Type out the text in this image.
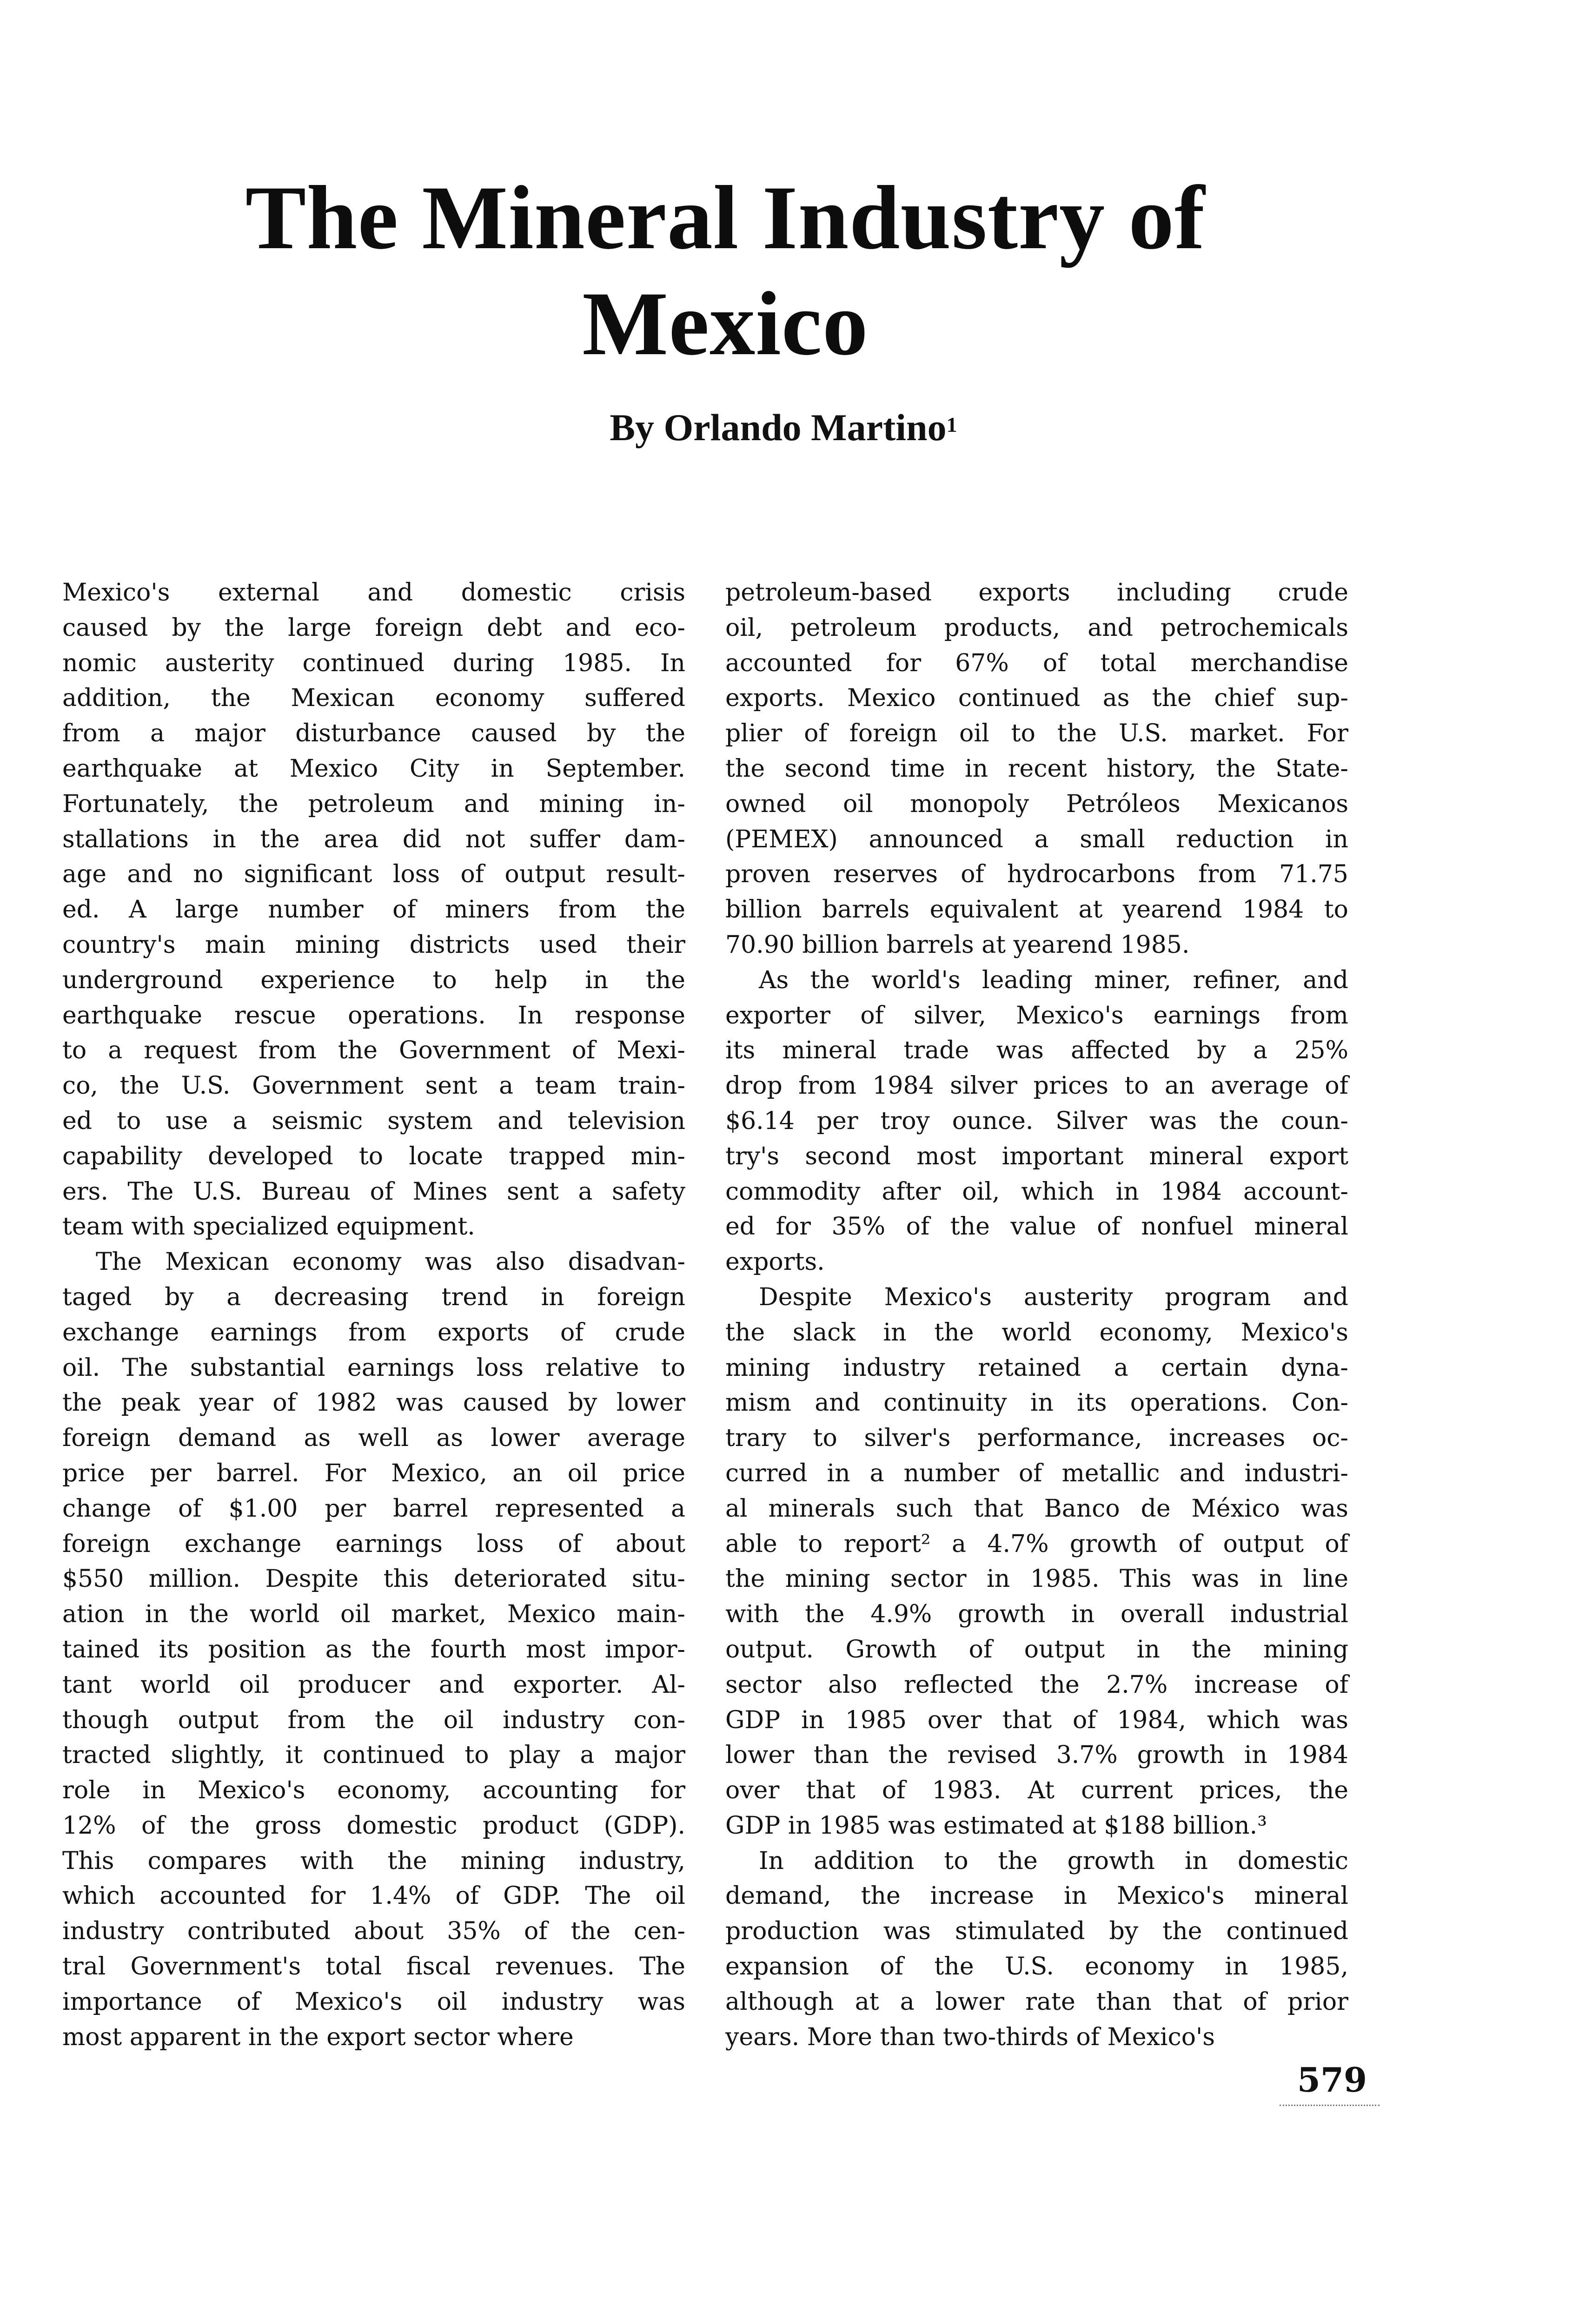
The Mineral Industry of
Mexico
By Orlando Martino$^1$
Mexico's external and domestic crisis
caused by the large foreign debt and eco-
nomic austerity continued during 1985. In
addition, the Mexican economy suffered
from a major disturbance caused by the
earthquake at Mexico City in September.
Fortunately, the petroleum and mining in-
stallations in the area did not suffer dam-
age and no significant loss of output result-
ed. A large number of miners from the
country's main mining districts used their
underground experience to help in the
earthquake rescue operations. In response
to a request from the Government of Mexi-
co, the U.S. Government sent a team train-
ed to use a seismic system and television
capability developed to locate trapped min-
ers. The U.S. Bureau of Mines sent a safety
team with specialized equipment.
The Mexican economy was also disadvan-
taged by a decreasing trend in foreign
exchange earnings from exports of crude
oil. The substantial earnings loss relative to
the peak year of 1982 was caused by lower
foreign demand as well as lower average
price per barrel. For Mexico, an oil price
change of $1.00 per barrel represented a
foreign exchange earnings loss of about
$550 million. Despite this deteriorated situ-
ation in the world oil market, Mexico main-
tained its position as the fourth most impor-
tant world oil producer and exporter. Al-
though output from the oil industry con-
tracted slightly, it continued to play a major
role in Mexico's economy, accounting for
12% of the gross domestic product (GDP).
This compares with the mining industry,
which accounted for 1.4% of GDP. The oil
industry contributed about 35% of the cen-
tral Government's total fiscal revenues. The
importance of Mexico's oil industry was
most apparent in the export sector where
petroleum-based exports including crude
oil, petroleum products, and petrochemicals
accounted for 67% of total merchandise
exports. Mexico continued as the chief sup-
plier of foreign oil to the U.S. market. For
the second time in recent history, the State-
owned oil monopoly Petróleos Mexicanos
(PEMEX) announced a small reduction in
proven reserves of hydrocarbons from 71.75
billion barrels equivalent at yearend 1984 to
70.90 billion barrels at yearend 1985.
As the world's leading miner, refiner, and
exporter of silver, Mexico's earnings from
its mineral trade was affected by a 25%
drop from 1984 silver prices to an average of
$6.14 per troy ounce. Silver was the coun-
try's second most important mineral export
commodity after oil, which in 1984 account-
ed for 35% of the value of nonfuel mineral
exports.
Despite Mexico's austerity program and
the slack in the world economy, Mexico's
mining industry retained a certain dyna-
mism and continuity in its operations. Con-
trary to silver's performance, increases oc-
curred in a number of metallic and industri-
al minerals such that Banco de México was
able to report² a 4.7% growth of output of
the mining sector in 1985. This was in line
with the 4.9% growth in overall industrial
output. Growth of output in the mining
sector also reflected the 2.7% increase of
GDP in 1985 over that of 1984, which was
lower than the revised 3.7% growth in 1984
over that of 1983. At current prices, the
GDP in 1985 was estimated at $188 billion.³
In addition to the growth in domestic
demand, the increase in Mexico's mineral
production was stimulated by the continued
expansion of the U.S. economy in 1985,
although at a lower rate than that of prior
years. More than two-thirds of Mexico's
579
